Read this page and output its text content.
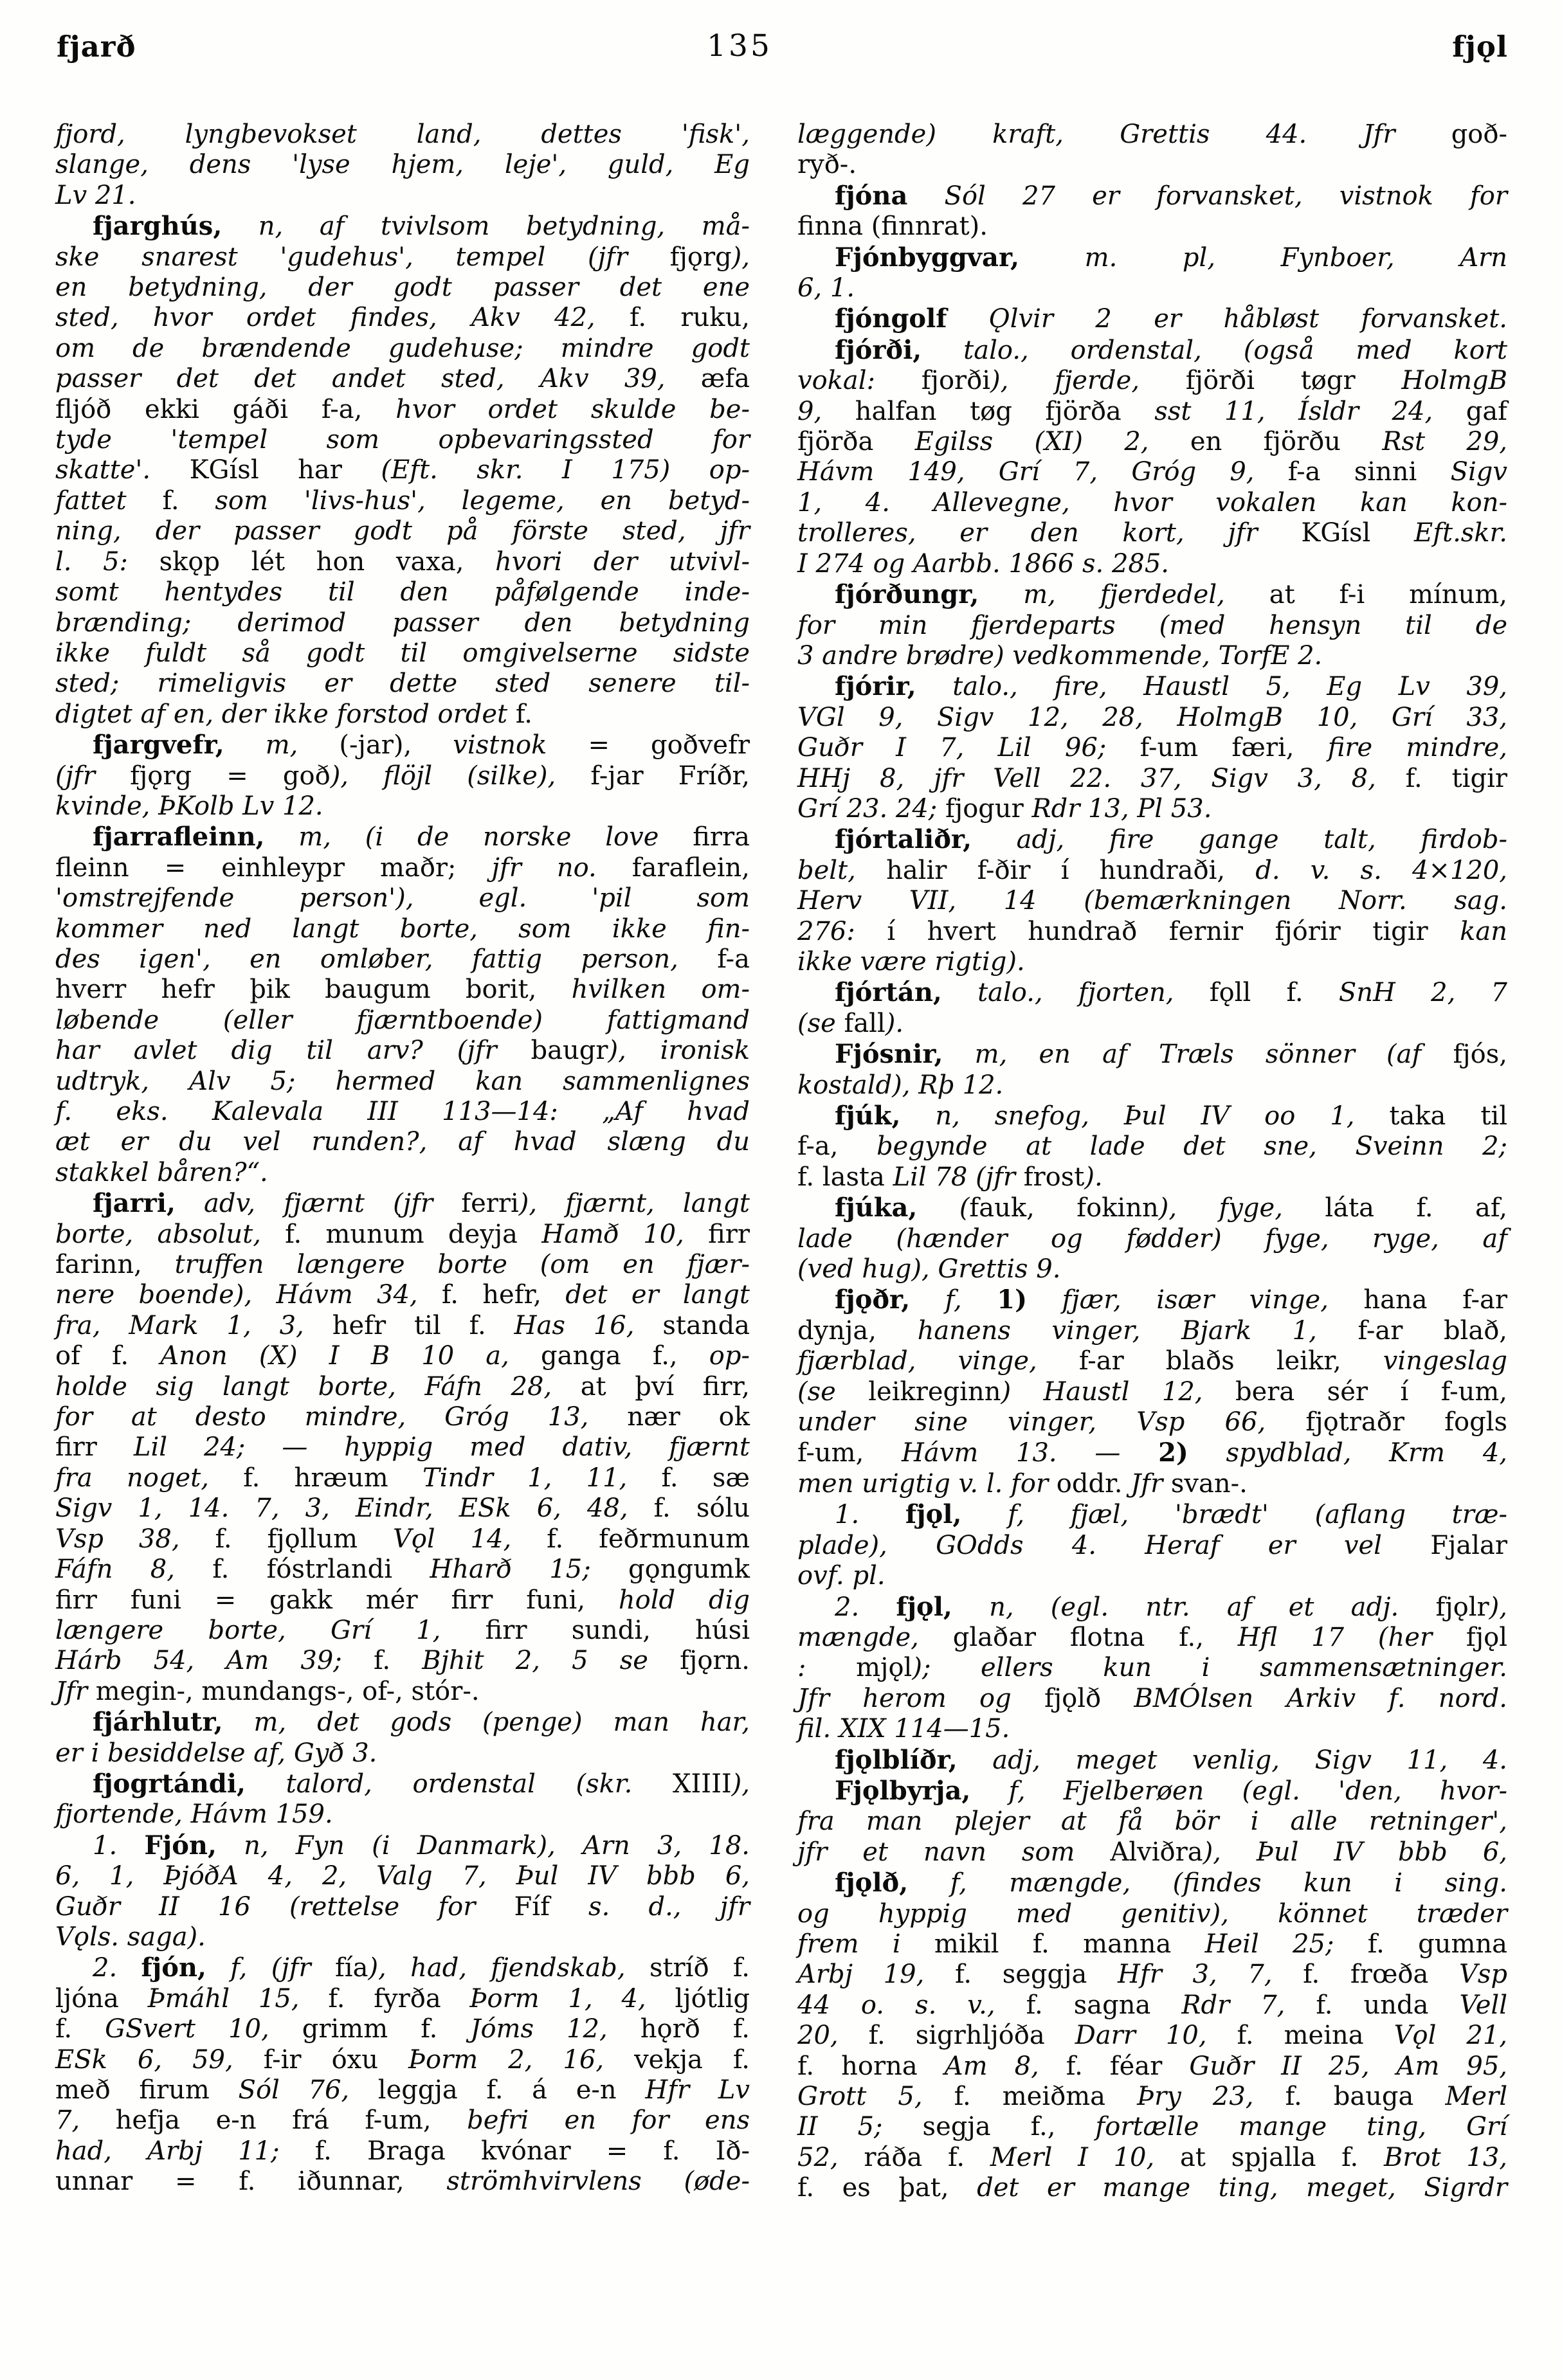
fjarð	135	fjǫl
fjord, lyngbevokset land, dettes 'fisk',
slange, dens 'lyse hjem, leje', guld, Eg
Lv 21.
fjarghús, n, af tvivlsom betydning, må-
ske snarest 'gudehus', tempel (jfr fjǫrg),
en betydning, der godt passer det ene
sted, hvor ordet findes, Akv 42, f. ruku,
om de brændende gudehuse; mindre godt
passer det det andet sted, Akv 39, æfa
fljóð ekki gáði f-a, hvor ordet skulde be-
tyde 'tempel som opbevaringssted for
skatte'. KGísl har (Eft. skr. I 175) op-
fattet f. som 'livs-hus', legeme, en betyd-
ning, der passer godt på förste sted, jfr
l. 5: skǫp lét hon vaxa, hvori der utvivl-
somt hentydes til den påfølgende inde-
brænding; derimod passer den betydning
ikke fuldt så godt til omgivelserne sidste
sted; rimeligvis er dette sted senere til-
digtet af en, der ikke forstod ordet f.
fjargvefr, m, (-jar), vistnok = goðvefr
(jfr fjǫrg = goð), flöjl (silke), f-jar Fríðr,
kvinde, ÞKolb Lv 12.
fjarrafleinn, m, (i de norske love firra
fleinn = einhleypr maðr; jfr no. faraflein,
'omstrejfende person'), egl. 'pil som
kommer ned langt borte, som ikke fin-
des igen', en omløber, fattig person, f-a
hverr hefr þik baugum borit, hvilken om-
løbende (eller fjærntboende) fattigmand
har avlet dig til arv? (jfr baugr), ironisk
udtryk, Alv 5; hermed kan sammenlignes
f. eks. Kalevala III 113—14: „Af hvad
æt er du vel runden?, af hvad slæng du
stakkel båren?“.
fjarri, adv, fjærnt (jfr ferri), fjærnt, langt
borte, absolut, f. munum deyja Hamð 10, firr
farinn, truffen længere borte (om en fjær-
nere boende), Hávm 34, f. hefr, det er langt
fra, Mark 1, 3, hefr til f. Has 16, standa
of f. Anon (X) I B 10 a, ganga f., op-
holde sig langt borte, Fáfn 28, at því firr,
for at desto mindre, Gróg 13, nær ok
firr Lil 24; — hyppig med dativ, fjærnt
fra noget, f. hræum Tindr 1, 11, f. sæ
Sigv 1, 14. 7, 3, Eindr, ESk 6, 48, f. sólu
Vsp 38, f. fjǫllum Vǫl 14, f. feðrmunum
Fáfn 8, f. fóstrlandi Hharð 15; gǫngumk
firr funi = gakk mér firr funi, hold dig
længere borte, Grí 1, firr sundi, húsi
Hárb 54, Am 39; f. Bjhit 2, 5 se fjǫrn.
Jfr megin-, mundangs-, of-, stór-.
fjárhlutr, m, det gods (penge) man har,
er i besiddelse af, Gyð 3.
fjogrtándi, talord, ordenstal (skr. XIIII),
fjortende, Hávm 159.
1. Fjón, n, Fyn (i Danmark), Arn 3, 18.
6, 1, ÞjóðA 4, 2, Valg 7, Þul IV bbb 6,
Guðr II 16 (rettelse for Fíf s. d., jfr
Vǫls. saga).
2. fjón, f, (jfr fía), had, fjendskab, stríð f.
ljóna Þmáhl 15, f. fyrða Þorm 1, 4, ljótlig
f. GSvert 10, grimm f. Jóms 12, hǫrð f.
ESk 6, 59, f-ir óxu Þorm 2, 16, vekja f.
með firum Sól 76, leggja f. á e-n Hfr Lv
7, hefja e-n frá f-um, befri en for ens
had, Arbj 11; f. Braga kvónar = f. Ið-
unnar = f. iðunnar, strömhvirvlens (øde-
læggende) kraft, Grettis 44. Jfr goð-
ryð-.
fjóna Sól 27 er forvansket, vistnok for
finna (finnrat).
Fjónbyggvar, m. pl, Fynboer, Arn
6, 1.
fjóngolf Ǫlvir 2 er håbløst forvansket.
fjórði, talo., ordenstal, (også med kort
vokal: fjorði), fjerde, fjörði tøgr HolmgB
9, halfan tøg fjörða sst 11, Ísldr 24, gaf
fjörða Egilss (XI) 2, en fjörðu Rst 29,
Hávm 149, Grí 7, Gróg 9, f-a sinni Sigv
1, 4. Allevegne, hvor vokalen kan kon-
trolleres, er den kort, jfr KGísl Eft.skr.
I 274 og Aarbb. 1866 s. 285.
fjórðungr, m, fjerdedel, at f-i mínum,
for min fjerdeparts (med hensyn til de
3 andre brødre) vedkommende, TorfE 2.
fjórir, talo., fire, Haustl 5, Eg Lv 39,
VGl 9, Sigv 12, 28, HolmgB 10, Grí 33,
Guðr I 7, Lil 96; f-um færi, fire mindre,
HHj 8, jfr Vell 22. 37, Sigv 3, 8, f. tigir
Grí 23. 24; fjogur Rdr 13, Pl 53.
fjórtaliðr, adj, fire gange talt, firdob-
belt, halir f-ðir í hundraði, d. v. s. 4×120,
Herv VII, 14 (bemærkningen Norr. sag.
276: í hvert hundrað fernir fjórir tigir kan
ikke være rigtig).
fjórtán, talo., fjorten, fǫll f. SnH 2, 7
(se fall).
Fjósnir, m, en af Træls sönner (af fjós,
kostald), Rþ 12.
fjúk, n, snefog, Þul IV oo 1, taka til
f-a, begynde at lade det sne, Sveinn 2;
f. lasta Lil 78 (jfr frost).
fjúka, (fauk, fokinn), fyge, láta f. af,
lade (hænder og fødder) fyge, ryge, af
(ved hug), Grettis 9.
fjǫðr, f, 1) fjær, især vinge, hana f-ar
dynja, hanens vinger, Bjark 1, f-ar blað,
fjærblad, vinge, f-ar blaðs leikr, vingeslag
(se leikreginn) Haustl 12, bera sér í f-um,
under sine vinger, Vsp 66, fjǫtraðr fogls
f-um, Hávm 13. — 2) spydblad, Krm 4,
men urigtig v. l. for oddr. Jfr svan-.
1. fjǫl, f, fjæl, 'brædt' (aflang træ-
plade), GOdds 4. Heraf er vel Fjalar
ovf. pl.
2. fjǫl, n, (egl. ntr. af et adj. fjǫlr),
mængde, glaðar flotna f., Hfl 17 (her fjǫl
: mjǫl); ellers kun i sammensætninger.
Jfr herom og fjǫlð BMÓlsen Arkiv f. nord.
fil. XIX 114—15.
fjǫlblíðr, adj, meget venlig, Sigv 11, 4.
Fjǫlbyrja, f, Fjelberøen (egl. 'den, hvor-
fra man plejer at få bör i alle retninger',
jfr et navn som Alviðra), Þul IV bbb 6,
fjǫlð, f, mængde, (findes kun i sing.
og hyppig med genitiv), könnet træder
frem i mikil f. manna Heil 25; f. gumna
Arbj 19, f. seggja Hfr 3, 7, f. frœða Vsp
44 o. s. v., f. sagna Rdr 7, f. unda Vell
20, f. sigrhljóða Darr 10, f. meina Vǫl 21,
f. horna Am 8, f. féar Guðr II 25, Am 95,
Grott 5, f. meiðma Þry 23, f. bauga Merl
II 5; segja f., fortælle mange ting, Grí
52, ráða f. Merl I 10, at spjalla f. Brot 13,
f. es þat, det er mange ting, meget, Sigrdr
